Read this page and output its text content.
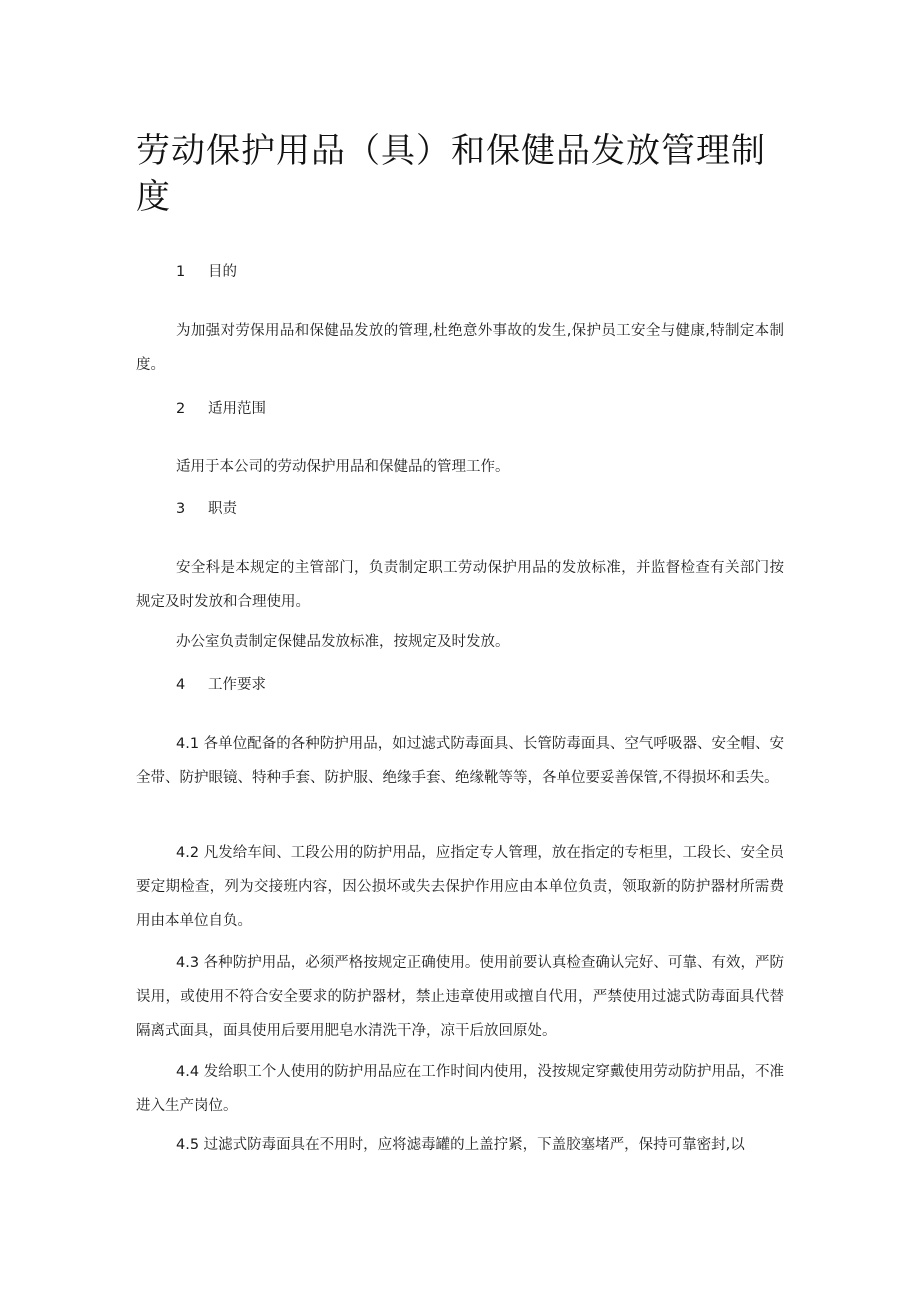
劳动保护用品（具）和保健品发放管理制度
1 目的

为加强对劳保用品和保健品发放的管理,杜绝意外事故的发生,保护员工安全与健康,特制定本制度。

2 适用范围

适用于本公司的劳动保护用品和保健品的管理工作。

3 职责

安全科是本规定的主管部门，负责制定职工劳动保护用品的发放标准，并监督检查有关部门按规定及时发放和合理使用。

办公室负责制定保健品发放标准，按规定及时发放。

4 工作要求

4.1 各单位配备的各种防护用品，如过滤式防毒面具、长管防毒面具、空气呼吸器、安全帽、安全带、防护眼镜、特种手套、防护服、绝缘手套、绝缘靴等等，各单位要妥善保管,不得损坏和丢失。

4.2 凡发给车间、工段公用的防护用品，应指定专人管理，放在指定的专柜里，工段长、安全员要定期检查，列为交接班内容，因公损坏或失去保护作用应由本单位负责，领取新的防护器材所需费用由本单位自负。

4.3 各种防护用品，必须严格按规定正确使用。使用前要认真检查确认完好、可靠、有效，严防误用，或使用不符合安全要求的防护器材，禁止违章使用或擅自代用，严禁使用过滤式防毒面具代替隔离式面具，面具使用后要用肥皂水清洗干净，凉干后放回原处。

4.4 发给职工个人使用的防护用品应在工作时间内使用，没按规定穿戴使用劳动防护用品，不准进入生产岗位。

4.5 过滤式防毒面具在不用时，应将滤毒罐的上盖拧紧，下盖胶塞堵严，保持可靠密封,以
